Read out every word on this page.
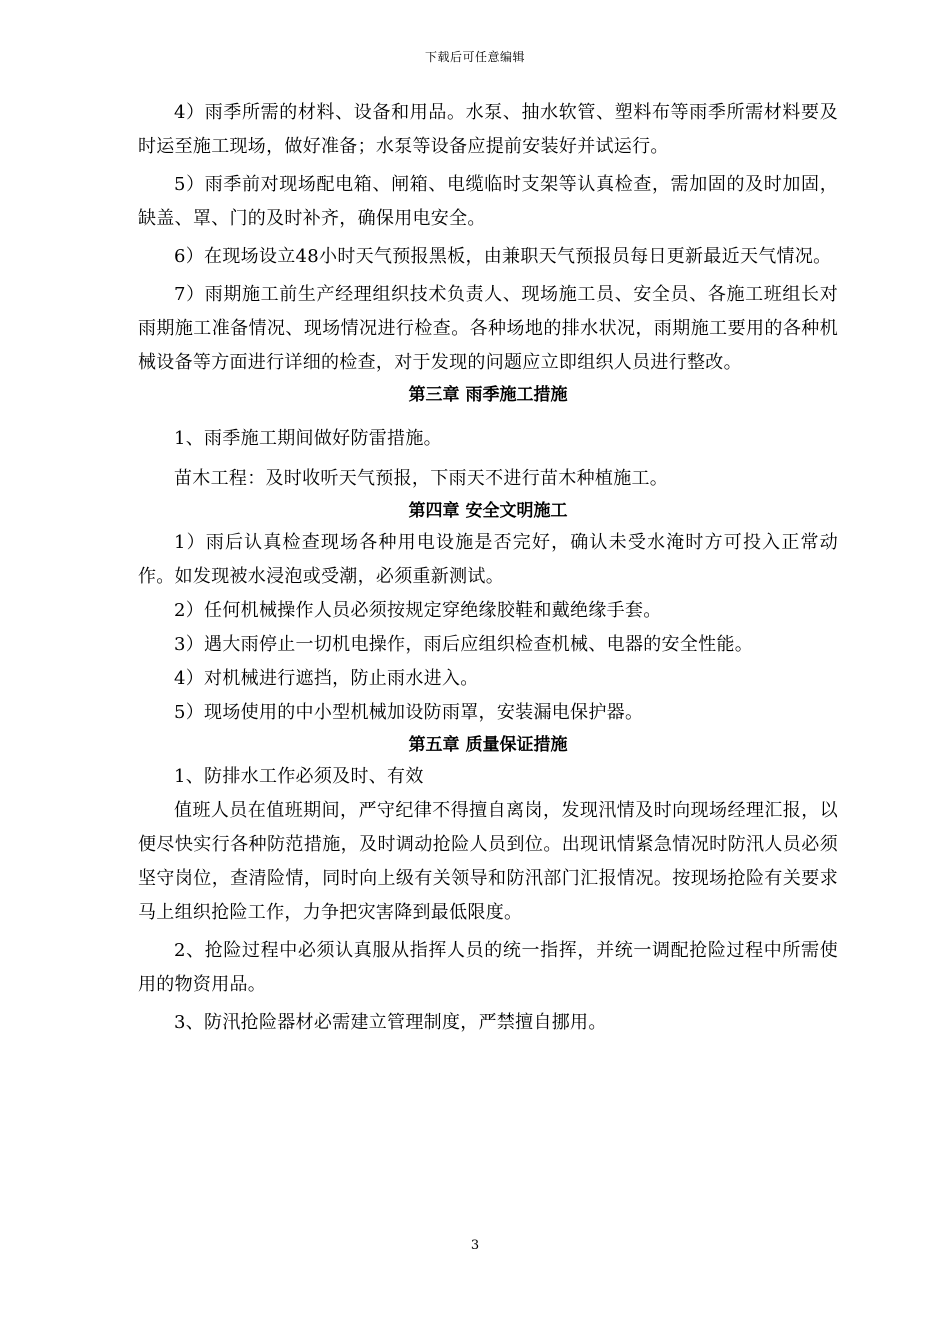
下载后可任意编辑

4）雨季所需的材料、设备和用品。水泵、抽水软管、塑料布等雨季所需材料要及时运至施工现场，做好准备；水泵等设备应提前安装好并试运行。

5）雨季前对现场配电箱、闸箱、电缆临时支架等认真检查，需加固的及时加固，缺盖、罩、门的及时补齐，确保用电安全。

6）在现场设立48小时天气预报黑板，由兼职天气预报员每日更新最近天气情况。

7）雨期施工前生产经理组织技术负责人、现场施工员、安全员、各施工班组长对雨期施工准备情况、现场情况进行检查。各种场地的排水状况，雨期施工要用的各种机械设备等方面进行详细的检查，对于发现的问题应立即组织人员进行整改。

第三章 雨季施工措施

1、雨季施工期间做好防雷措施。

苗木工程：及时收听天气预报，下雨天不进行苗木种植施工。

第四章 安全文明施工

1）雨后认真检查现场各种用电设施是否完好，确认未受水淹时方可投入正常动作。如发现被水浸泡或受潮，必须重新测试。

2）任何机械操作人员必须按规定穿绝缘胶鞋和戴绝缘手套。

3）遇大雨停止一切机电操作，雨后应组织检查机械、电器的安全性能。

4）对机械进行遮挡，防止雨水进入。

5）现场使用的中小型机械加设防雨罩，安装漏电保护器。

第五章 质量保证措施

1、防排水工作必须及时、有效

值班人员在值班期间，严守纪律不得擅自离岗，发现汛情及时向现场经理汇报，以便尽快实行各种防范措施，及时调动抢险人员到位。出现讯情紧急情况时防汛人员必须坚守岗位，查清险情，同时向上级有关领导和防汛部门汇报情况。按现场抢险有关要求马上组织抢险工作，力争把灾害降到最低限度。

2、抢险过程中必须认真服从指挥人员的统一指挥，并统一调配抢险过程中所需使用的物资用品。

3、防汛抢险器材必需建立管理制度，严禁擅自挪用。

3
